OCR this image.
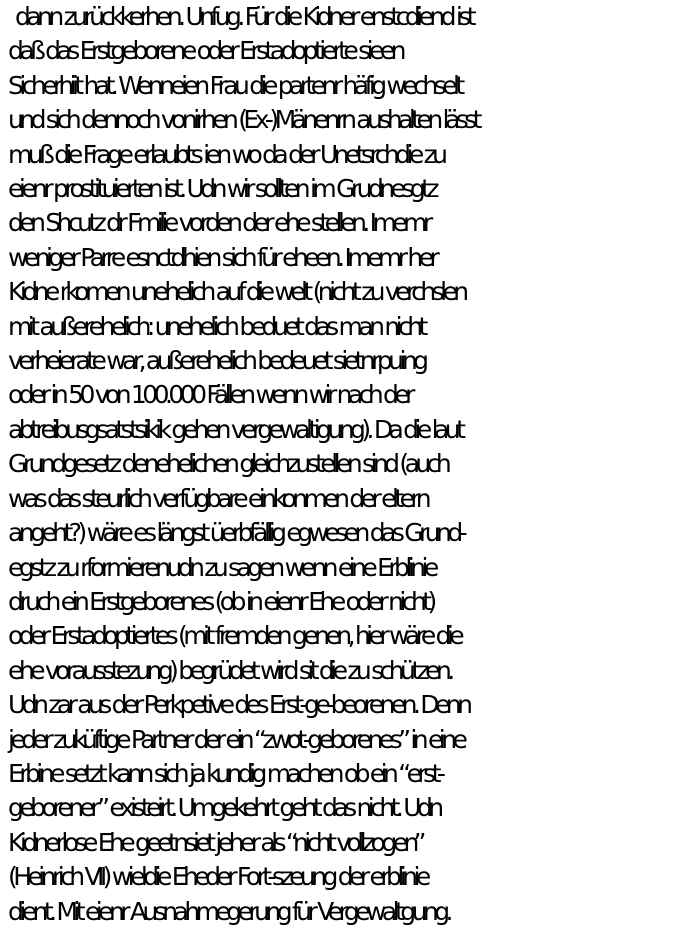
dann zurückkerhen. Unfug. Für die Kidner enstcdiend ist
daß das Erstgeborene oder Erstadoptierte sieen
Sicherhiit hat. Wenneien Frau die partenr häfig wechselt
und sich dennoch vonirhen (Ex-)Mänenrn aushalten lässt
muß die Frage erlaubts ien wo da der Unetsrchdie zu
eienr prostituierten ist. Udn wir sollten im Grudnesgtz
den Shcutz dr Fmilie vorden der ehe stellen. Imemr
weniger Parre esnctdhien sich für eheen. Imemr her
Kidne rkomen unehelich auf die welt (nicht zu verchslen
mit außerehelich: unehelich beduet das man nicht
verheierate war, außerehelich bedeuet sietnrpuing
oder in 50 von 100.000 Fällen wenn wir nach der
abtreibusgsatstsikik gehen vergewaltigung). Da die laut
Grundgesetz denehelichen gleichzustellen sind (auch
was das steurlich verfügbare einkonmen der eltern
angeht?) wäre es längst üerbfällig egwesen das Grund-
egstz zu rformierenudn zu sagen wenn eine Erblinie
druch ein Erstgeborenes (ob in eienr Ehe oder nicht)
oder Erstadoptiertes (mit fremden genen, hier wäre die
ehe vorausstezung) begrüdet wird sit die zu schützen.
Udn zar aus der Perkpetive des Erst-ge-beorenen. Denn
jeder zuküftige Partner der ein “zwot-geborenes” in eine
Erbine setzt kann sich ja kundig machen ob ein “erst-
geborener” existeirt. Umgekehrt geht das nicht. Udn
Kidnerlose Ehe geetnsiet jeher als “nicht vollzogen”
(Heinrich VII) wieldie Eheder Fort-szeung der erblinie
dient. Mit eienr Ausnahmegerung für Vergewaltgung.
